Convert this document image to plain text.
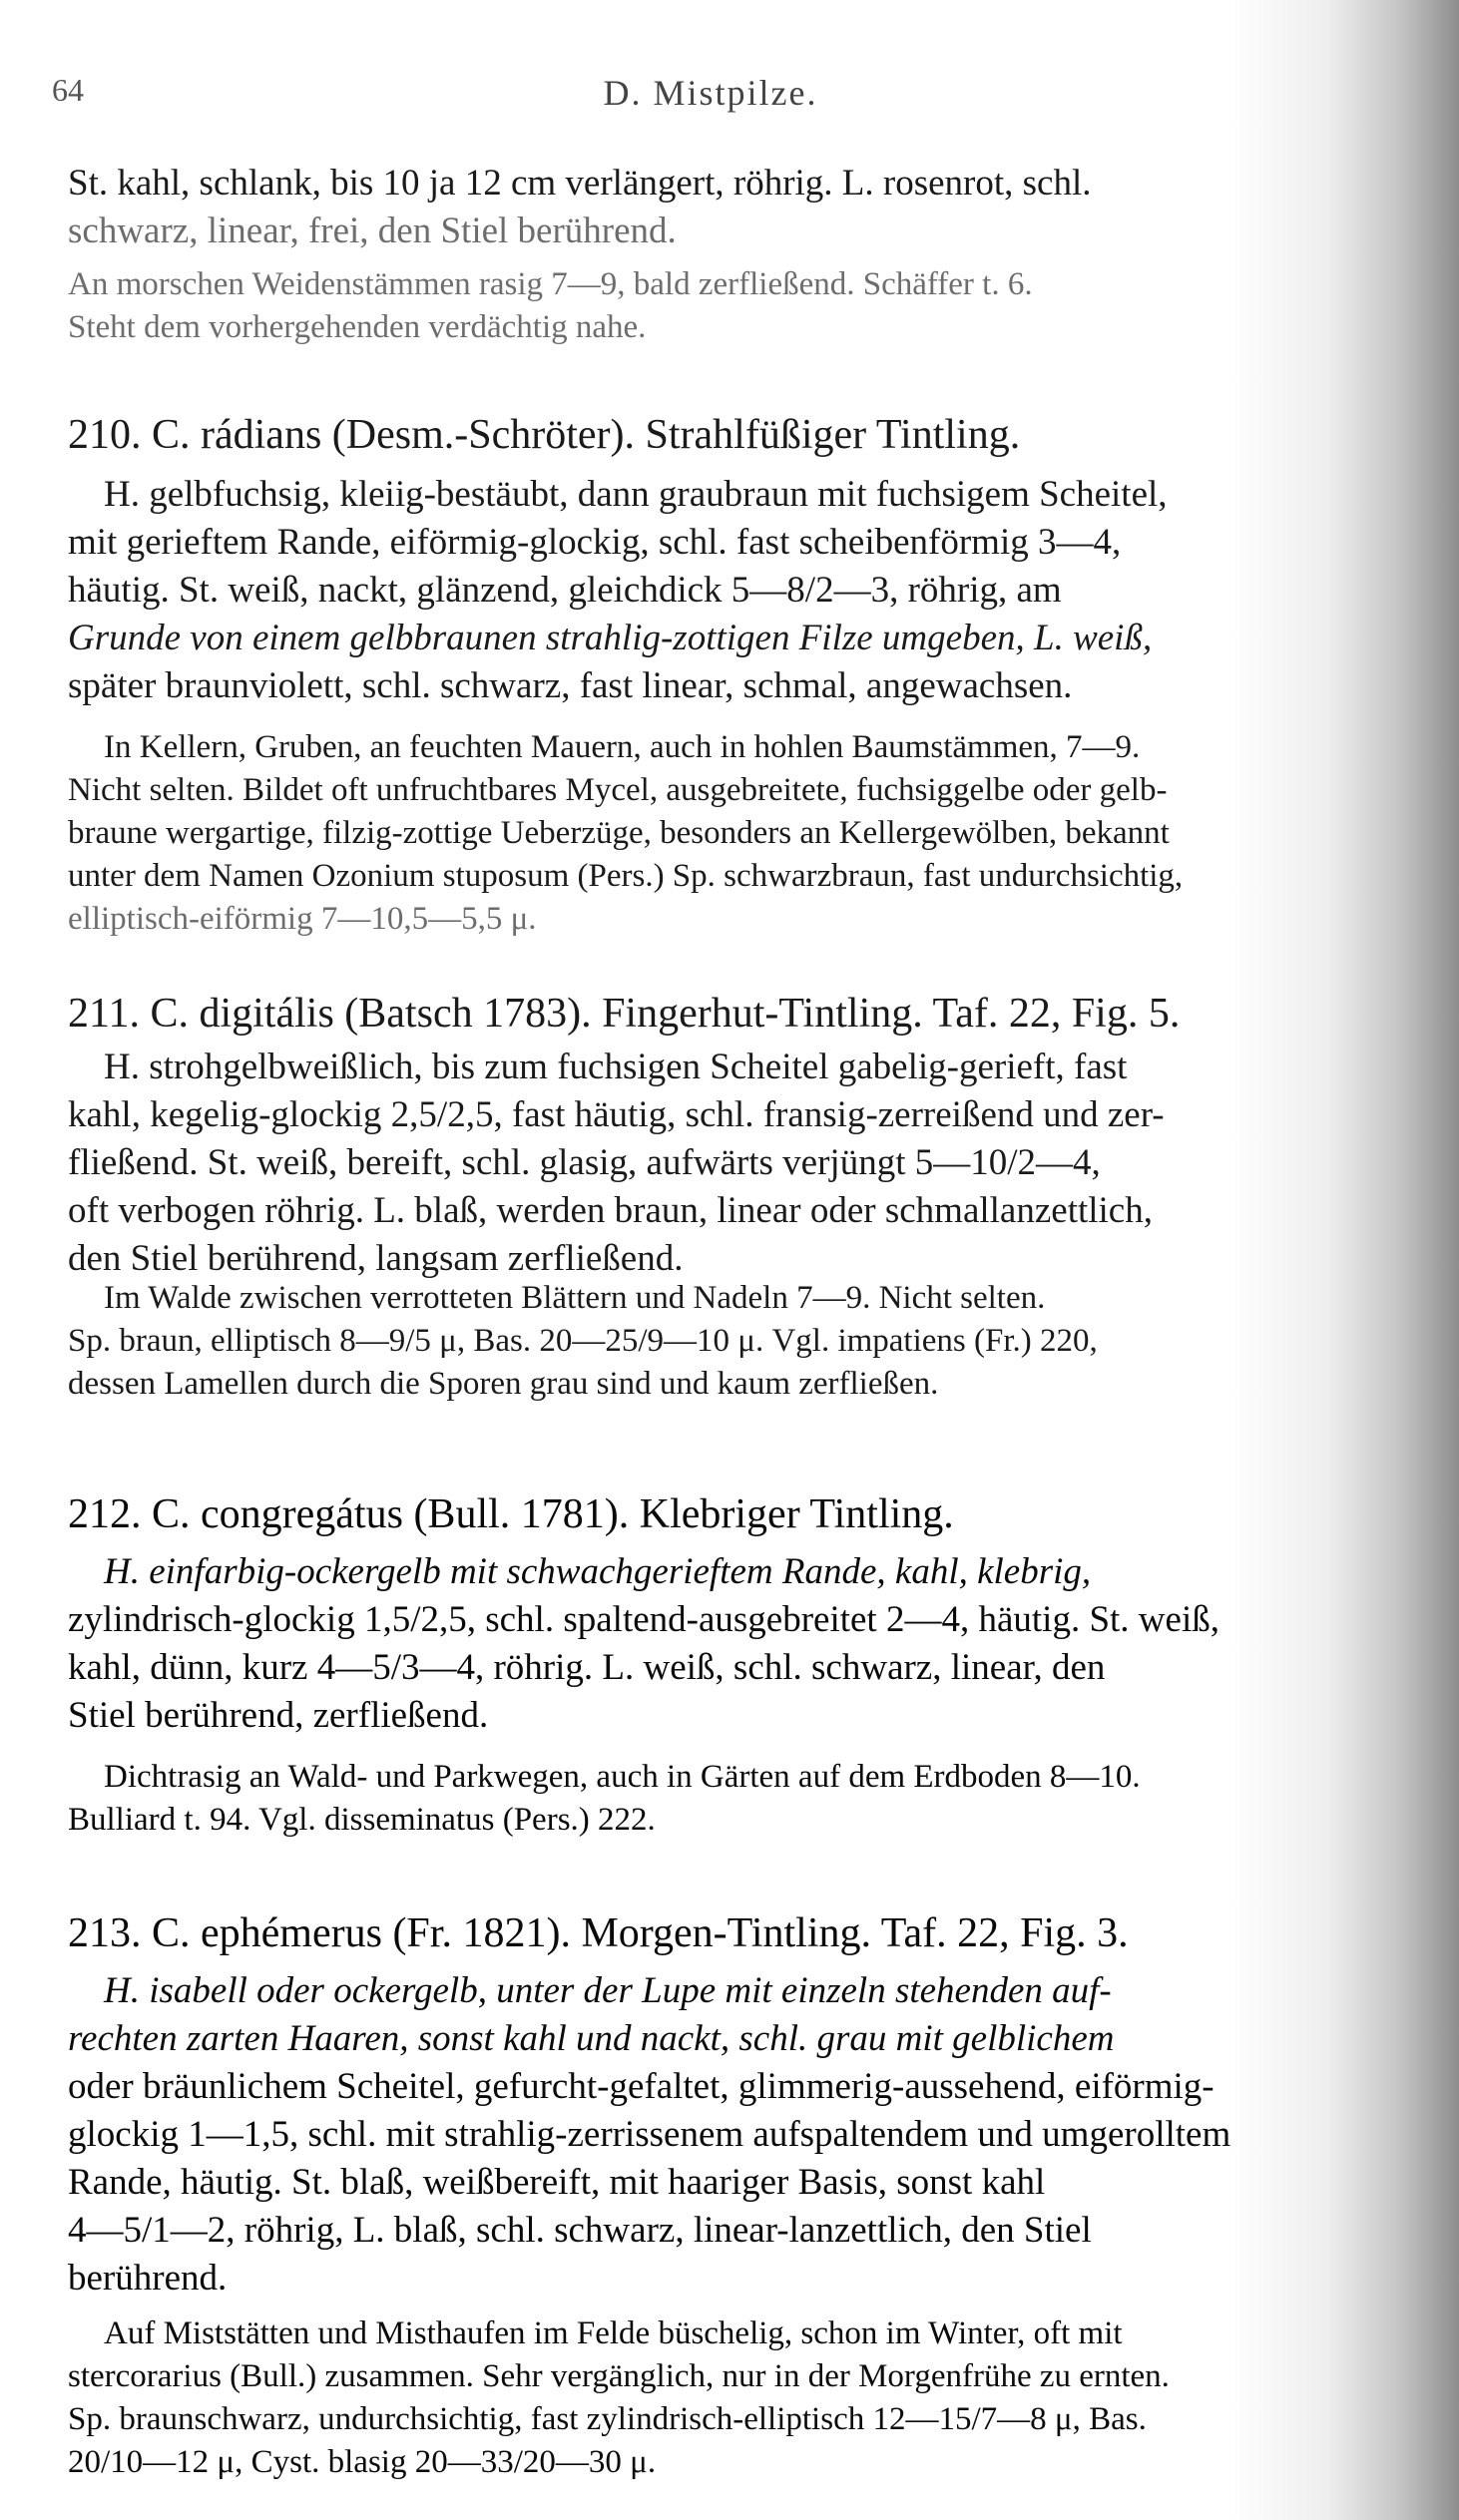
64	D. Mistpilze.
St. kahl, schlank, bis 10 ja 12 cm verlängert, röhrig. L. rosenrot, schl.
schwarz, linear, frei, den Stiel berührend.
An morschen Weidenstämmen rasig 7—9, bald zerfließend. Schäffer t. 6.
Steht dem vorhergehenden verdächtig nahe.
210. C. rádians (Desm.-Schröter). Strahlfüßiger Tintling.
H. gelbfuchsig, kleiig-bestäubt, dann graubraun mit fuchsigem Scheitel,
mit gerieftem Rande, eiförmig-glockig, schl. fast scheibenförmig 3—4,
häutig. St. weiß, nackt, glänzend, gleichdick 5—8/2—3, röhrig, am
Grunde von einem gelbbraunen strahlig-zottigen Filze umgeben, L. weiß,
später braunviolett, schl. schwarz, fast linear, schmal, angewachsen.
In Kellern, Gruben, an feuchten Mauern, auch in hohlen Baumstämmen, 7—9.
Nicht selten. Bildet oft unfruchtbares Mycel, ausgebreitete, fuchsiggelbe oder gelb-
braune wergartige, filzig-zottige Ueberzüge, besonders an Kellergewölben, bekannt
unter dem Namen Ozonium stuposum (Pers.) Sp. schwarzbraun, fast undurchsichtig,
elliptisch-eiförmig 7—10,5—5,5 μ.
211. C. digitális (Batsch 1783). Fingerhut-Tintling. Taf. 22, Fig. 5.
H. strohgelbweißlich, bis zum fuchsigen Scheitel gabelig-gerieft, fast
kahl, kegelig-glockig 2,5/2,5, fast häutig, schl. fransig-zerreißend und zer-
fließend. St. weiß, bereift, schl. glasig, aufwärts verjüngt 5—10/2—4,
oft verbogen röhrig. L. blaß, werden braun, linear oder schmallanzettlich,
den Stiel berührend, langsam zerfließend.
Im Walde zwischen verrotteten Blättern und Nadeln 7—9. Nicht selten.
Sp. braun, elliptisch 8—9/5 μ, Bas. 20—25/9—10 μ. Vgl. impatiens (Fr.) 220,
dessen Lamellen durch die Sporen grau sind und kaum zerfließen.
212. C. congregátus (Bull. 1781). Klebriger Tintling.
H. einfarbig-ockergelb mit schwachgerieftem Rande, kahl, klebrig,
zylindrisch-glockig 1,5/2,5, schl. spaltend-ausgebreitet 2—4, häutig. St. weiß,
kahl, dünn, kurz 4—5/3—4, röhrig. L. weiß, schl. schwarz, linear, den
Stiel berührend, zerfließend.
Dichtrasig an Wald- und Parkwegen, auch in Gärten auf dem Erdboden 8—10.
Bulliard t. 94. Vgl. disseminatus (Pers.) 222.
213. C. ephémerus (Fr. 1821). Morgen-Tintling. Taf. 22, Fig. 3.
H. isabell oder ockergelb, unter der Lupe mit einzeln stehenden auf-
rechten zarten Haaren, sonst kahl und nackt, schl. grau mit gelblichem
oder bräunlichem Scheitel, gefurcht-gefaltet, glimmerig-aussehend, eiförmig-
glockig 1—1,5, schl. mit strahlig-zerrissenem aufspaltendem und umgerolltem
Rande, häutig. St. blaß, weißbereift, mit haariger Basis, sonst kahl
4—5/1—2, röhrig, L. blaß, schl. schwarz, linear-lanzettlich, den Stiel
berührend.
Auf Miststätten und Misthaufen im Felde büschelig, schon im Winter, oft mit
stercorarius (Bull.) zusammen. Sehr vergänglich, nur in der Morgenfrühe zu ernten.
Sp. braunschwarz, undurchsichtig, fast zylindrisch-elliptisch 12—15/7—8 μ, Bas.
20/10—12 μ, Cyst. blasig 20—33/20—30 μ.
